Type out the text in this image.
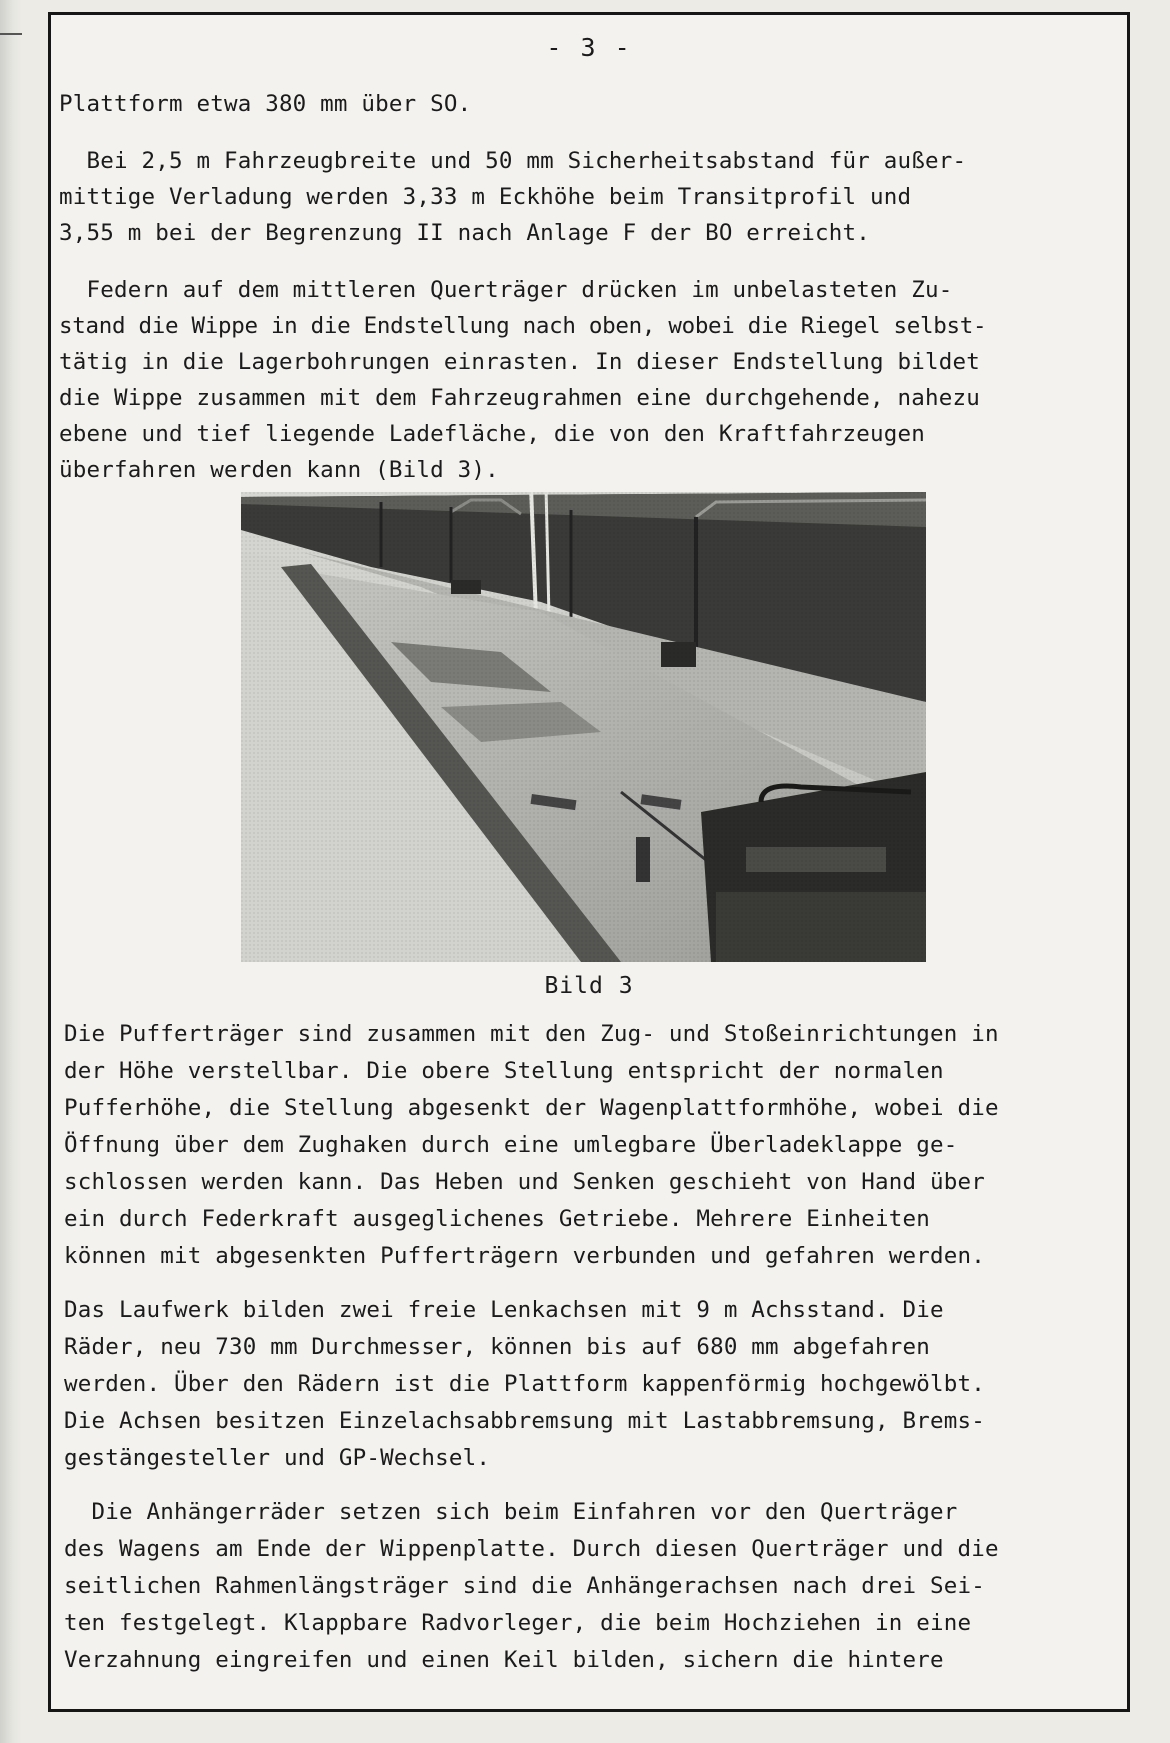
- 3 -
Plattform etwa 380 mm über SO.
Bei 2,5 m Fahrzeugbreite und 50 mm Sicherheitsabstand für außer-
mittige Verladung werden 3,33 m Eckhöhe beim Transitprofil und
3,55 m bei der Begrenzung II nach Anlage F der BO erreicht.
Federn auf dem mittleren Querträger drücken im unbelasteten Zu-
stand die Wippe in die Endstellung nach oben, wobei die Riegel selbst-
tätig in die Lagerbohrungen einrasten. In dieser Endstellung bildet
die Wippe zusammen mit dem Fahrzeugrahmen eine durchgehende, nahezu
ebene und tief liegende Ladefläche, die von den Kraftfahrzeugen
überfahren werden kann (Bild 3).
Bild 3
Die Pufferträger sind zusammen mit den Zug- und Stoßeinrichtungen in
der Höhe verstellbar. Die obere Stellung entspricht der normalen
Pufferhöhe, die Stellung abgesenkt der Wagenplattformhöhe, wobei die
Öffnung über dem Zughaken durch eine umlegbare Überladeklappe ge-
schlossen werden kann. Das Heben und Senken geschieht von Hand über
ein durch Federkraft ausgeglichenes Getriebe. Mehrere Einheiten
können mit abgesenkten Pufferträgern verbunden und gefahren werden.
Das Laufwerk bilden zwei freie Lenkachsen mit 9 m Achsstand. Die
Räder, neu 730 mm Durchmesser, können bis auf 680 mm abgefahren
werden. Über den Rädern ist die Plattform kappenförmig hochgewölbt.
Die Achsen besitzen Einzelachsabbremsung mit Lastabbremsung, Brems-
gestängesteller und GP-Wechsel.
Die Anhängerräder setzen sich beim Einfahren vor den Querträger
des Wagens am Ende der Wippenplatte. Durch diesen Querträger und die
seitlichen Rahmenlängsträger sind die Anhängerachsen nach drei Sei-
ten festgelegt. Klappbare Radvorleger, die beim Hochziehen in eine
Verzahnung eingreifen und einen Keil bilden, sichern die hintere
